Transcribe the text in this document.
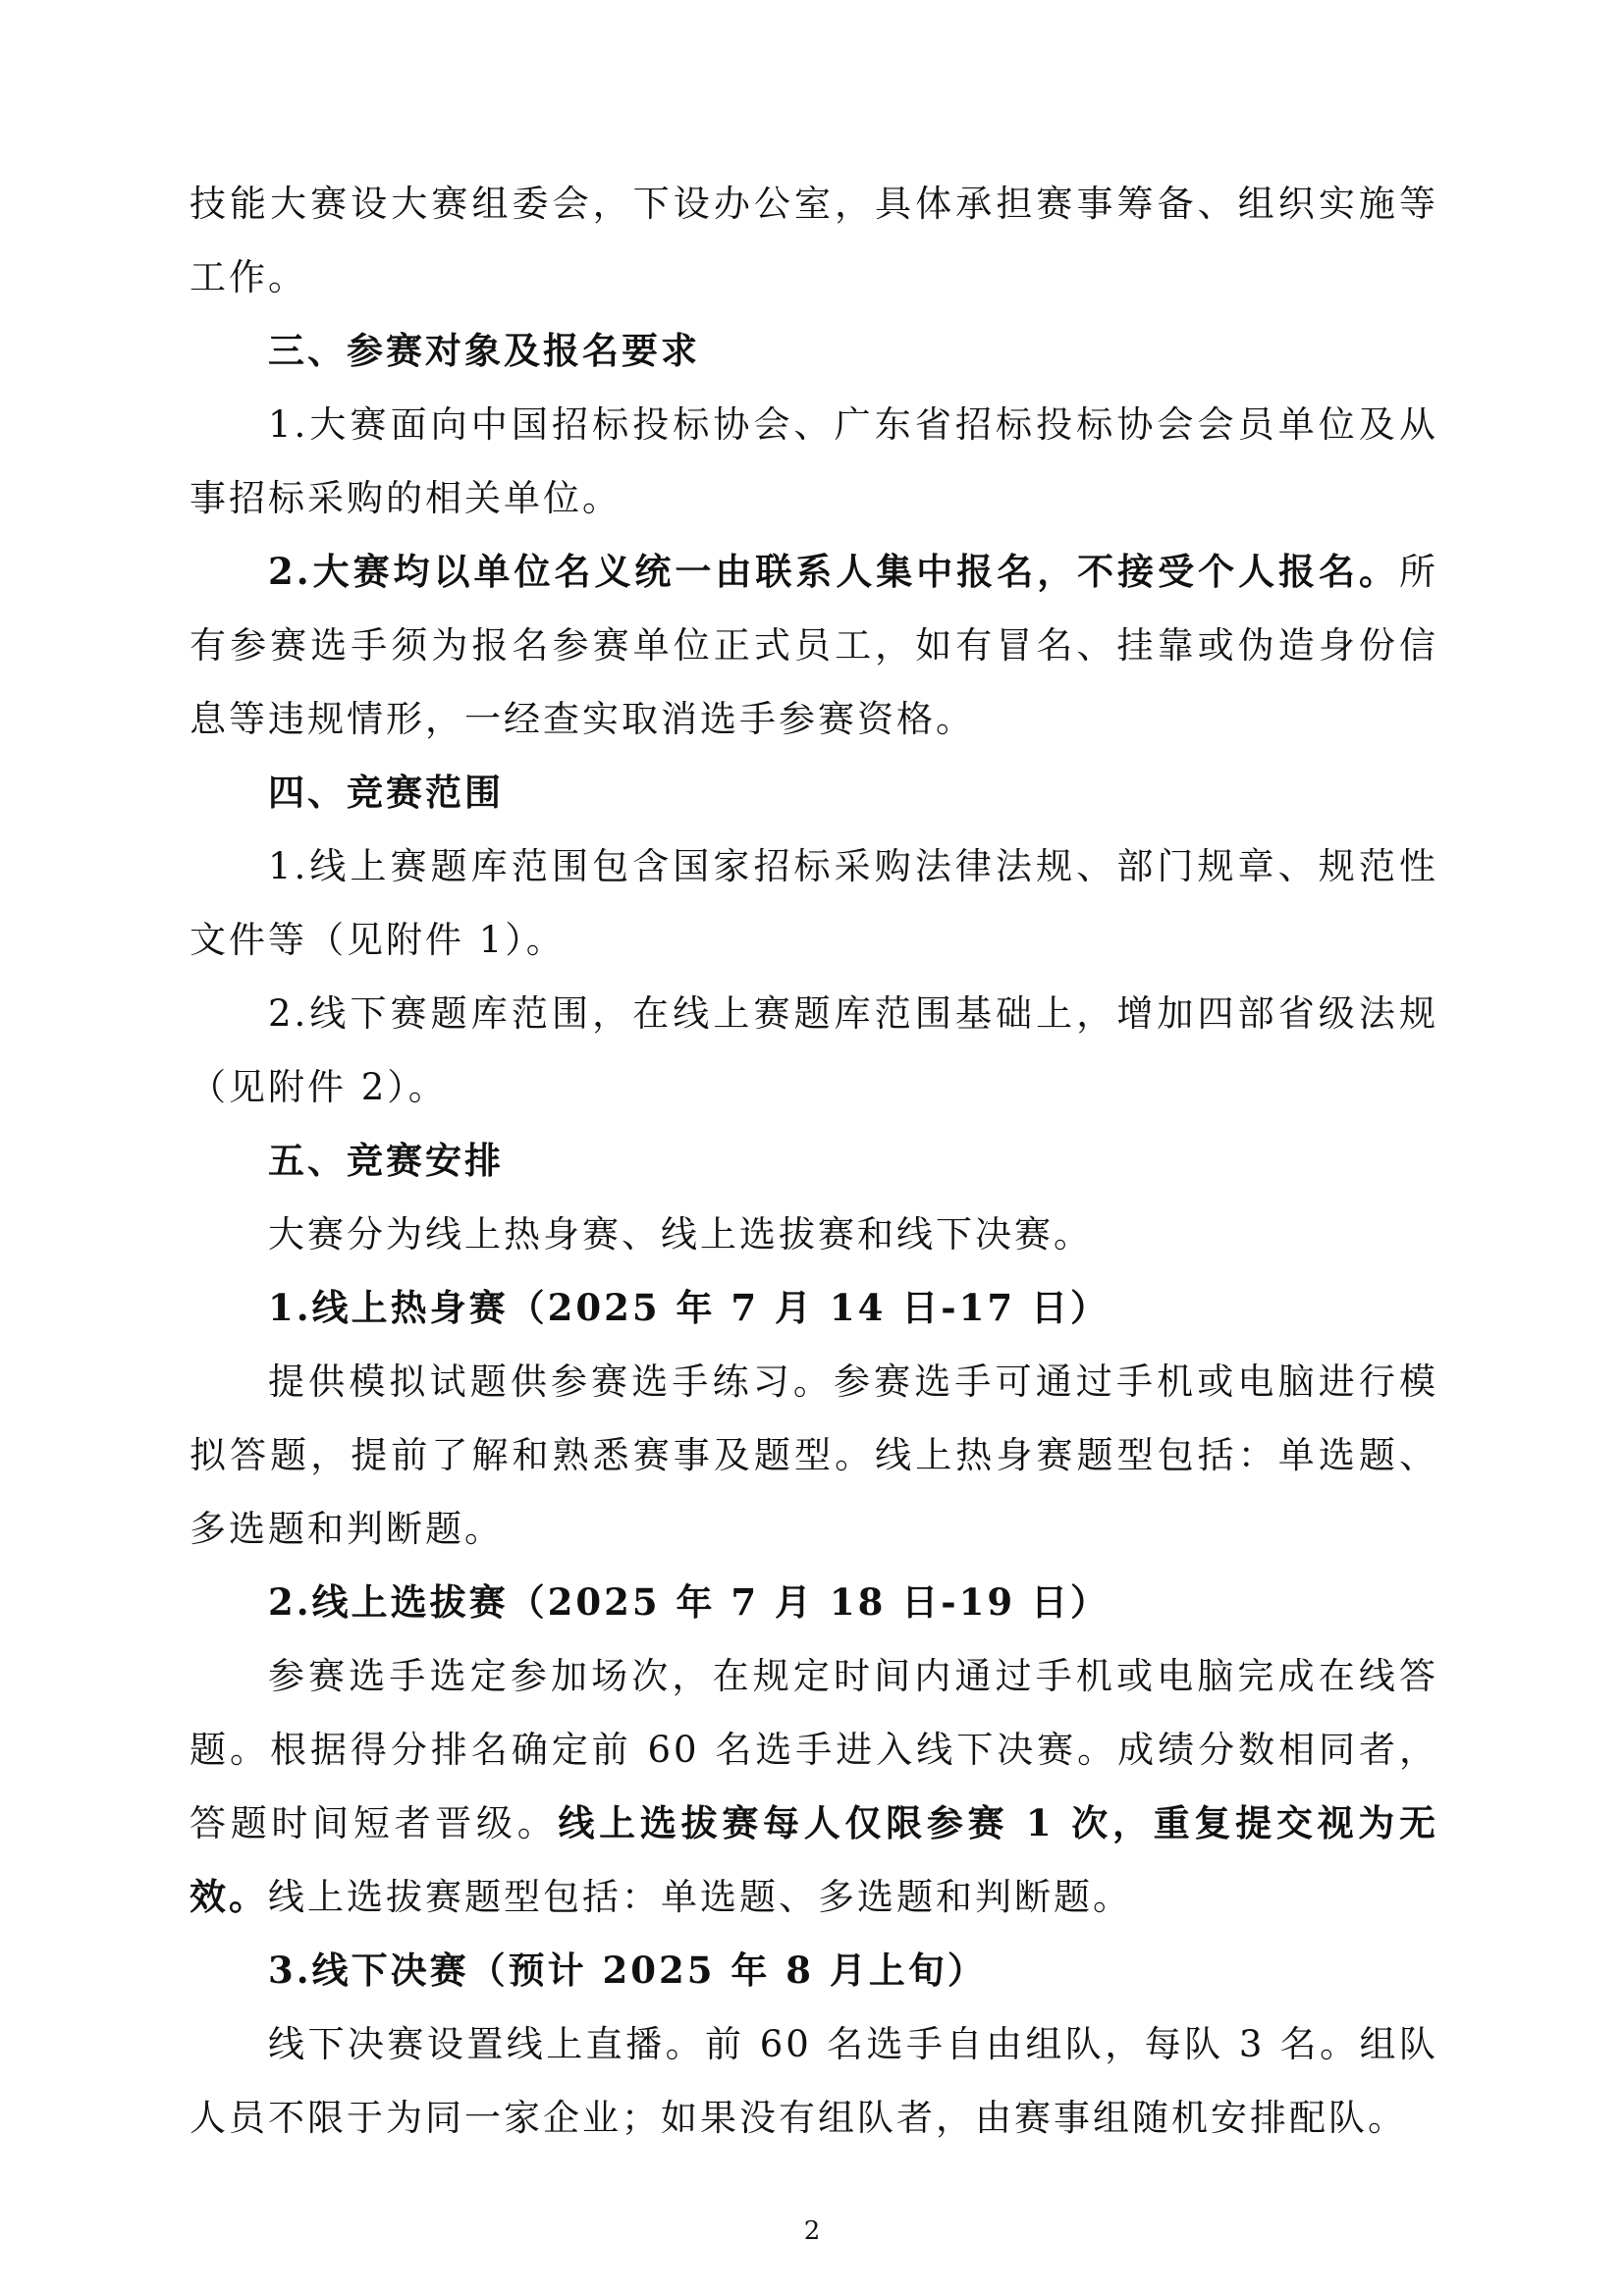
技能大赛设大赛组委会，下设办公室，具体承担赛事筹备、组织实施等工作。

三、参赛对象及报名要求

1.大赛面向中国招标投标协会、广东省招标投标协会会员单位及从事招标采购的相关单位。

2.大赛均以单位名义统一由联系人集中报名，不接受个人报名。所有参赛选手须为报名参赛单位正式员工，如有冒名、挂靠或伪造身份信息等违规情形，一经查实取消选手参赛资格。

四、竞赛范围

1.线上赛题库范围包含国家招标采购法律法规、部门规章、规范性文件等（见附件 1）。

2.线下赛题库范围，在线上赛题库范围基础上，增加四部省级法规（见附件 2）。

五、竞赛安排

大赛分为线上热身赛、线上选拔赛和线下决赛。

1.线上热身赛（2025 年 7 月 14 日-17 日）

提供模拟试题供参赛选手练习。参赛选手可通过手机或电脑进行模拟答题，提前了解和熟悉赛事及题型。线上热身赛题型包括：单选题、多选题和判断题。

2.线上选拔赛（2025 年 7 月 18 日-19 日）

参赛选手选定参加场次，在规定时间内通过手机或电脑完成在线答题。根据得分排名确定前 60 名选手进入线下决赛。成绩分数相同者，答题时间短者晋级。线上选拔赛每人仅限参赛 1 次，重复提交视为无效。线上选拔赛题型包括：单选题、多选题和判断题。

3.线下决赛（预计 2025 年 8 月上旬）

线下决赛设置线上直播。前 60 名选手自由组队，每队 3 名。组队人员不限于为同一家企业；如果没有组队者，由赛事组随机安排配队。

2
